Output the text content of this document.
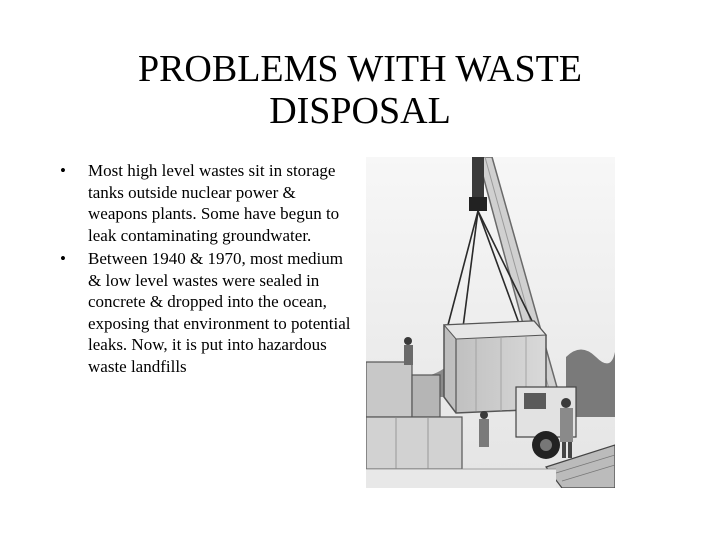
PROBLEMS WITH WASTE
DISPOSAL
• Most high level wastes sit in storage tanks outside nuclear power & weapons plants. Some have begun to leak contaminating groundwater.
• Between 1940 & 1970, most medium & low level wastes were sealed in concrete & dropped into the ocean, exposing that environment to potential leaks. Now, it is put into hazardous waste landfills
